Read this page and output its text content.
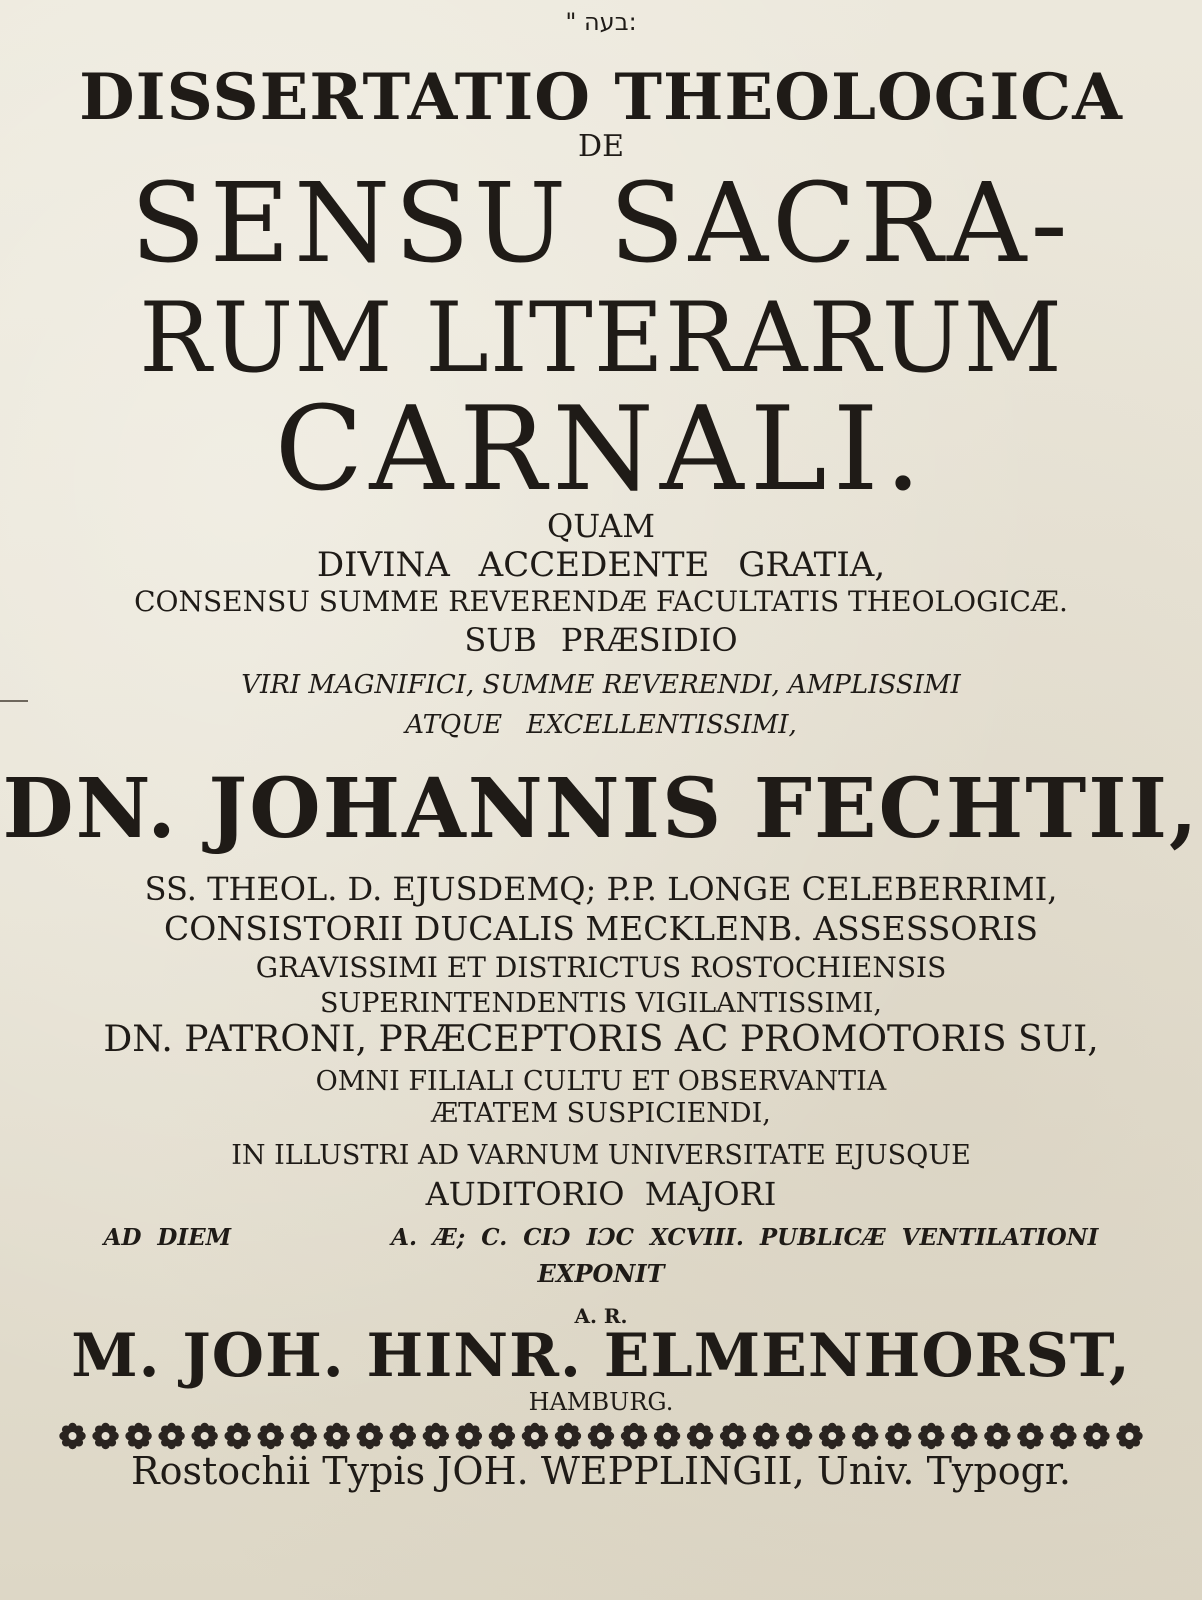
" בעה:
DISSERTATIO THEOLOGICA
DE
SENSU SACRA-
RUM LITERARUM
CARNALI.
QUAM
DIVINA ACCEDENTE GRATIA,
CONSENSU SUMME REVERENDÆ FACULTATIS THEOLOGICÆ.
SUB PRÆSIDIO
VIRI MAGNIFICI, SUMME REVERENDI, AMPLISSIMI
ATQUE EXCELLENTISSIMI,
DN. JOHANNIS FECHTII,
SS. THEOL. D. EJUSDEMQ; P.P. LONGE CELEBERRIMI,
CONSISTORII DUCALIS MECKLENB. ASSESSORIS
GRAVISSIMI ET DISTRICTUS ROSTOCHIENSIS
SUPERINTENDENTIS VIGILANTISSIMI,
DN. PATRONI, PRÆCEPTORIS AC PROMOTORIS SUI,
OMNI FILIALI CULTU ET OBSERVANTIA
ÆTATEM SUSPICIENDI,
IN ILLUSTRI AD VARNUM UNIVERSITATE EJUSQUE
AUDITORIO MAJORI
AD DIEM          A. Æ; C. CIƆ IƆC XCVIII. PUBLICÆ VENTILATIONI
EXPONIT
A. R.
M. JOH. HINR. ELMENHORST,
HAMBURG.
Rostochii Typis JOH. WEPPLINGII, Univ. Typogr.
